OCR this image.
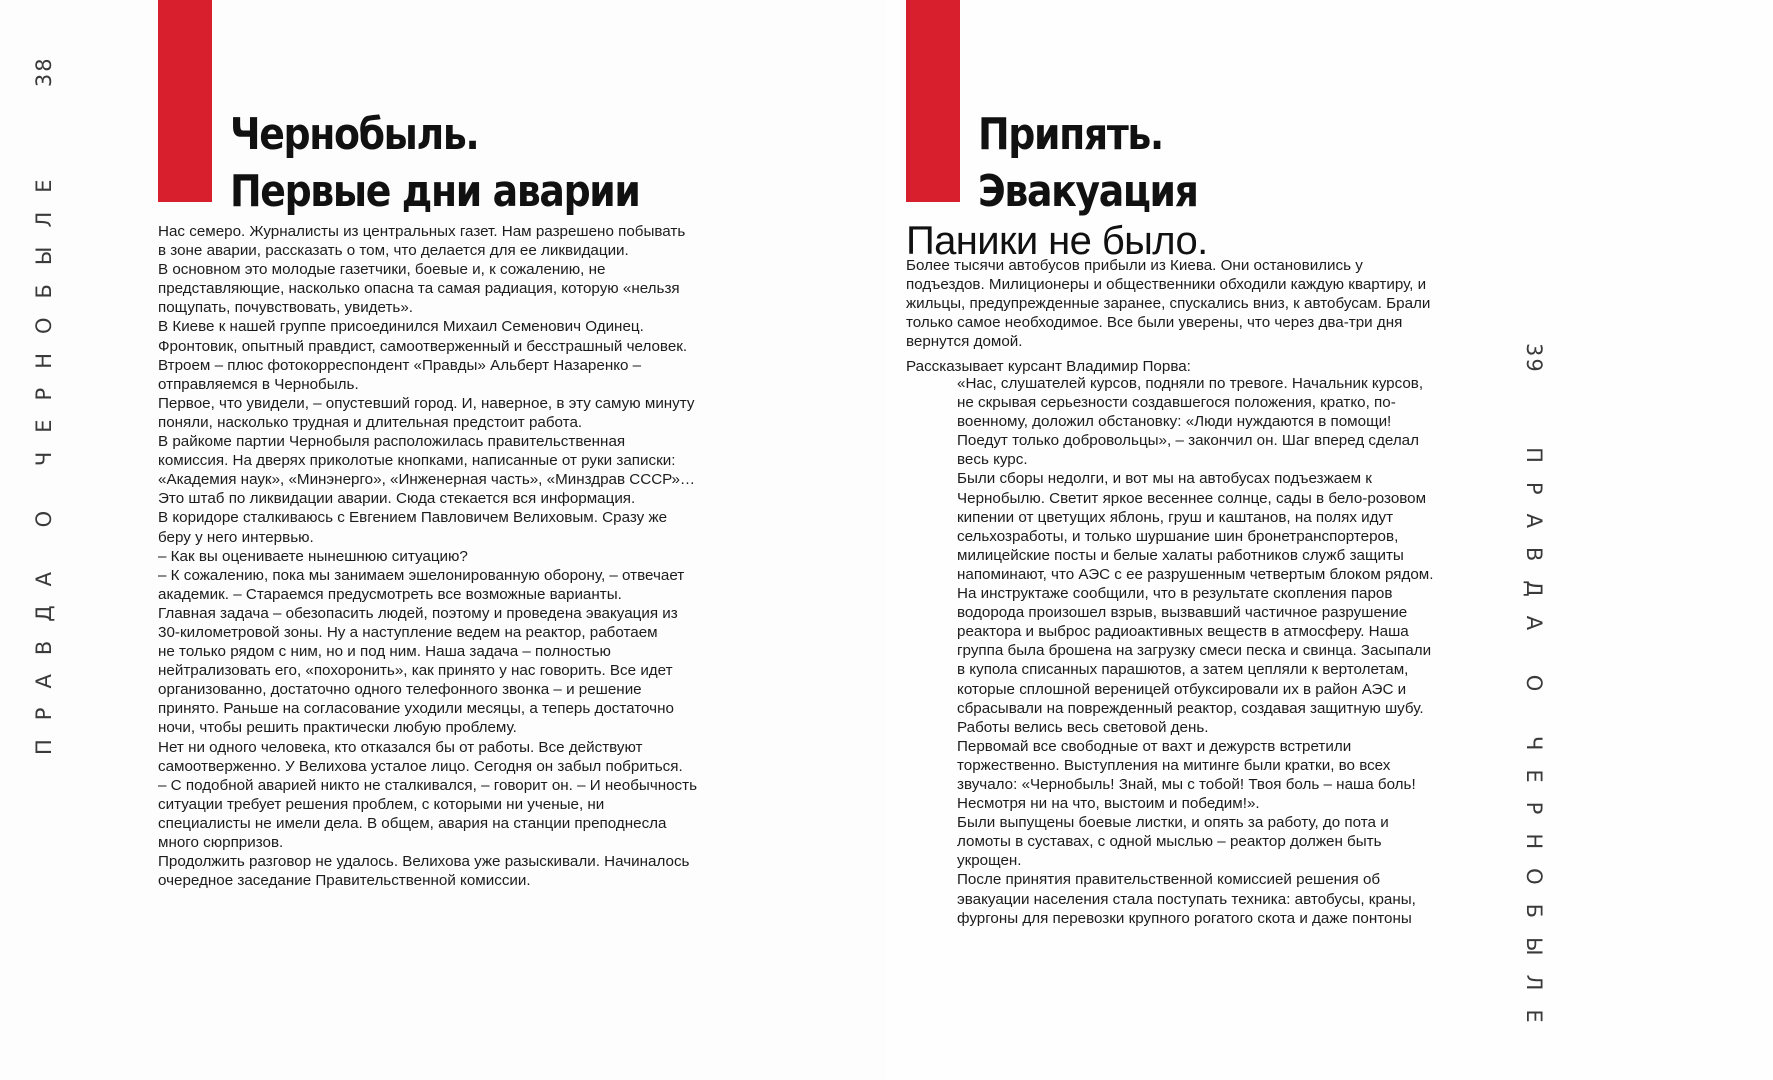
Чернобыль.
Первые дни аварии
Нас семеро. Журналисты из центральных газет. Нам разрешено побывать
в зоне аварии, рассказать о том, что делается для ее ликвидации.
В основном это молодые газетчики, боевые и, к сожалению, не
представляющие, насколько опасна та самая радиация, которую «нельзя
пощупать, почувствовать, увидеть».
В Киеве к нашей группе присоединился Михаил Семенович Одинец.
Фронтовик, опытный правдист, самоотверженный и бесстрашный человек.
Втроем – плюс фотокорреспондент «Правды» Альберт Назаренко –
отправляемся в Чернобыль.
Первое, что увидели, – опустевший город. И, наверное, в эту самую минуту
поняли, насколько трудная и длительная предстоит работа.
В райкоме партии Чернобыля расположилась правительственная
комиссия. На дверях приколотые кнопками, написанные от руки записки:
«Академия наук», «Минэнерго», «Инженерная часть», «Минздрав СССР»…
Это штаб по ликвидации аварии. Сюда стекается вся информация.
В коридоре сталкиваюсь с Евгением Павловичем Велиховым. Сразу же
беру у него интервью.
– Как вы оцениваете нынешнюю ситуацию?
– К сожалению, пока мы занимаем эшелонированную оборону, – отвечает
академик. – Стараемся предусмотреть все возможные варианты.
Главная задача – обезопасить людей, поэтому и проведена эвакуация из
30-километровой зоны. Ну а наступление ведем на реактор, работаем
не только рядом с ним, но и под ним. Наша задача – полностью
нейтрализовать его, «похоронить», как принято у нас говорить. Все идет
организованно, достаточно одного телефонного звонка – и решение
принято. Раньше на согласование уходили месяцы, а теперь достаточно
ночи, чтобы решить практически любую проблему.
Нет ни одного человека, кто отказался бы от работы. Все действуют
самоотверженно. У Велихова усталое лицо. Сегодня он забыл побриться.
– С подобной аварией никто не сталкивался, – говорит он. – И необычность
ситуации требует решения проблем, с которыми ни ученые, ни
специалисты не имели дела. В общем, авария на станции преподнесла
много сюрпризов.
Продолжить разговор не удалось. Велихова уже разыскивали. Начиналось
очередное заседание Правительственной комиссии.
ПРАВДА О ЧЕРНОБЫЛЕ  38
Припять.
Эвакуация
Паники не было.
Более тысячи автобусов прибыли из Киева. Они остановились у
подъездов. Милиционеры и общественники обходили каждую квартиру, и
жильцы, предупрежденные заранее, спускались вниз, к автобусам. Брали
только самое необходимое. Все были уверены, что через два-три дня
вернутся домой.
Рассказывает курсант Владимир Порва:
«Нас, слушателей курсов, подняли по тревоге. Начальник курсов,
не скрывая серьезности создавшегося положения, кратко, по-
военному, доложил обстановку: «Люди нуждаются в помощи!
Поедут только добровольцы», – закончил он. Шаг вперед сделал
весь курс.
Были сборы недолги, и вот мы на автобусах подъезжаем к
Чернобылю. Светит яркое весеннее солнце, сады в бело-розовом
кипении от цветущих яблонь, груш и каштанов, на полях идут
сельхозработы, и только шуршание шин бронетранспортеров,
милицейские посты и белые халаты работников служб защиты
напоминают, что АЭС с ее разрушенным четвертым блоком рядом.
На инструктаже сообщили, что в результате скопления паров
водорода произошел взрыв, вызвавший частичное разрушение
реактора и выброс радиоактивных веществ в атмосферу. Наша
группа была брошена на загрузку смеси песка и свинца. Засыпали
в купола списанных парашютов, а затем цепляли к вертолетам,
которые сплошной вереницей отбуксировали их в район АЭС и
сбрасывали на поврежденный реактор, создавая защитную шубу.
Работы велись весь световой день.
Первомай все свободные от вахт и дежурств встретили
торжественно. Выступления на митинге были кратки, во всех
звучало: «Чернобыль! Знай, мы с тобой! Твоя боль – наша боль!
Несмотря ни на что, выстоим и победим!».
Были выпущены боевые листки, и опять за работу, до пота и
ломоты в суставах, с одной мыслью – реактор должен быть
укрощен.
После принятия правительственной комиссией решения об
эвакуации населения стала поступать техника: автобусы, краны,
фургоны для перевозки крупного рогатого скота и даже понтоны
39  ПРАВДА О ЧЕРНОБЫЛЕ
